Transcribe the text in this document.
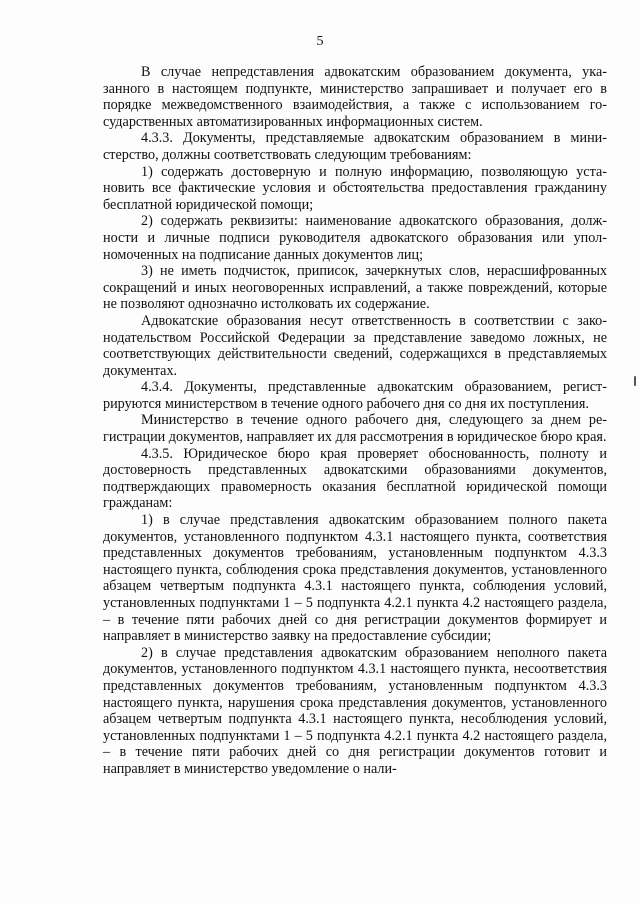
5

В случае непредставления адвокатским образованием документа, указанного в настоящем подпункте, министерство запрашивает и получает его в порядке межведомственного взаимодействия, а также с использованием государственных автоматизированных информационных систем.

4.3.3. Документы, представляемые адвокатским образованием в министерство, должны соответствовать следующим требованиям:

1) содержать достоверную и полную информацию, позволяющую установить все фактические условия и обстоятельства предоставления гражданину бесплатной юридической помощи;

2) содержать реквизиты: наименование адвокатского образования, должности и личные подписи руководителя адвокатского образования или уполномоченных на подписание данных документов лиц;

3) не иметь подчисток, приписок, зачеркнутых слов, нерасшифрованных сокращений и иных неоговоренных исправлений, а также повреждений, которые не позволяют однозначно истолковать их содержание.

Адвокатские образования несут ответственность в соответствии с законодательством Российской Федерации за представление заведомо ложных, не соответствующих действительности сведений, содержащихся в представляемых документах.

4.3.4. Документы, представленные адвокатским образованием, регистрируются министерством в течение одного рабочего дня со дня их поступления.

Министерство в течение одного рабочего дня, следующего за днем регистрации документов, направляет их для рассмотрения в юридическое бюро края.

4.3.5. Юридическое бюро края проверяет обоснованность, полноту и достоверность представленных адвокатскими образованиями документов, подтверждающих правомерность оказания бесплатной юридической помощи гражданам:

1) в случае представления адвокатским образованием полного пакета документов, установленного подпунктом 4.3.1 настоящего пункта, соответствия представленных документов требованиям, установленным подпунктом 4.3.3 настоящего пункта, соблюдения срока представления документов, установленного абзацем четвертым подпункта 4.3.1 настоящего пункта, соблюдения условий, установленных подпунктами 1 – 5 подпункта 4.2.1 пункта 4.2 настоящего раздела, – в течение пяти рабочих дней со дня регистрации документов формирует и направляет в министерство заявку на предоставление субсидии;

2) в случае представления адвокатским образованием неполного пакета документов, установленного подпунктом 4.3.1 настоящего пункта, несоответствия представленных документов требованиям, установленным подпунктом 4.3.3 настоящего пункта, нарушения срока представления документов, установленного абзацем четвертым подпункта 4.3.1 настоящего пункта, несоблюдения условий, установленных подпунктами 1 – 5 подпункта 4.2.1 пункта 4.2 настоящего раздела, – в течение пяти рабочих дней со дня регистрации документов готовит и направляет в министерство уведомление о нали-
